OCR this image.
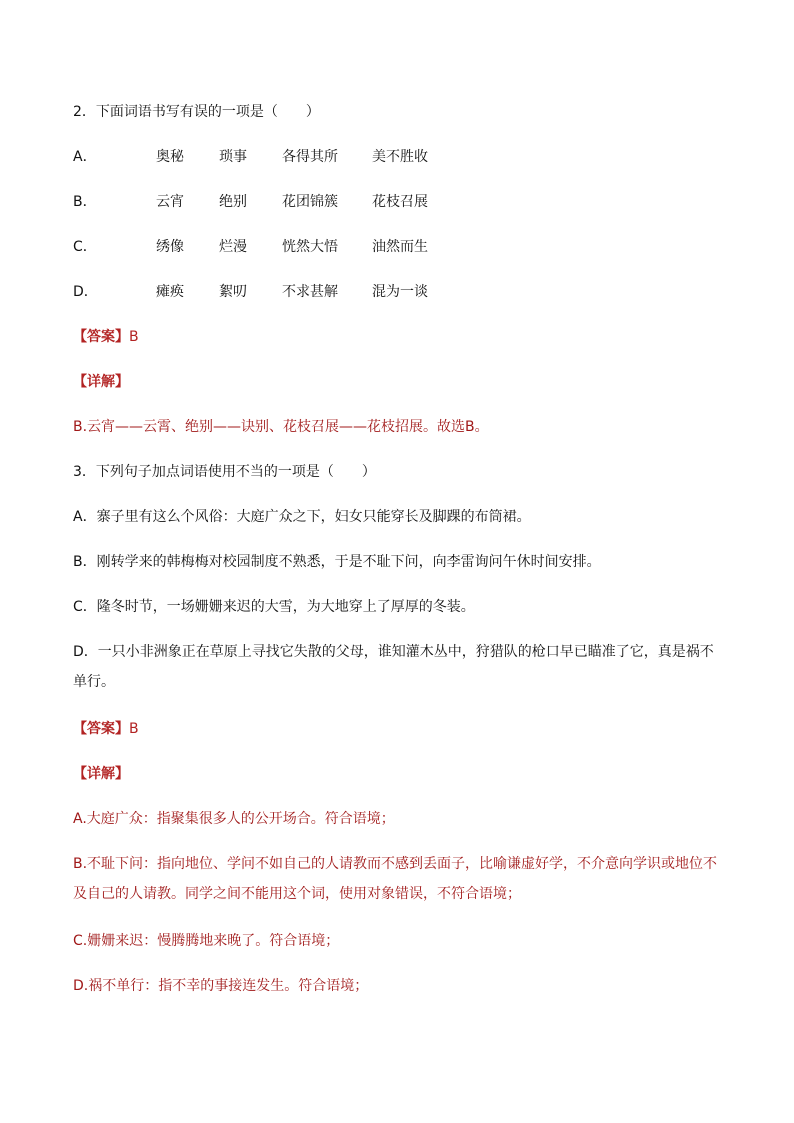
2．下面词语书写有误的一项是（　　）
A．	奥秘	琐事	各得其所	美不胜收
B．	云宵	绝别	花团锦簇	花枝召展
C．	绣像	烂漫	恍然大悟	油然而生
D．	瘫痪	絮叨	不求甚解	混为一谈
【答案】B
【详解】
B.云宵——云霄、绝别——诀别、花枝召展——花枝招展。故选B。
3．下列句子加点词语使用不当的一项是（　　）
A．寨子里有这么个风俗：大庭广众之下，妇女只能穿长及脚踝的布筒裙。
B．刚转学来的韩梅梅对校园制度不熟悉，于是不耻下问，向李雷询问午休时间安排。
C．隆冬时节，一场姗姗来迟的大雪，为大地穿上了厚厚的冬装。
D．一只小非洲象正在草原上寻找它失散的父母，谁知灌木丛中，狩猎队的枪口早已瞄准了它，真是祸不单行。
【答案】B
【详解】
A.大庭广众：指聚集很多人的公开场合。符合语境；
B.不耻下问：指向地位、学问不如自己的人请教而不感到丢面子，比喻谦虚好学，不介意向学识或地位不及自己的人请教。同学之间不能用这个词，使用对象错误，不符合语境；
C.姗姗来迟：慢腾腾地来晚了。符合语境；
D.祸不单行：指不幸的事接连发生。符合语境；
